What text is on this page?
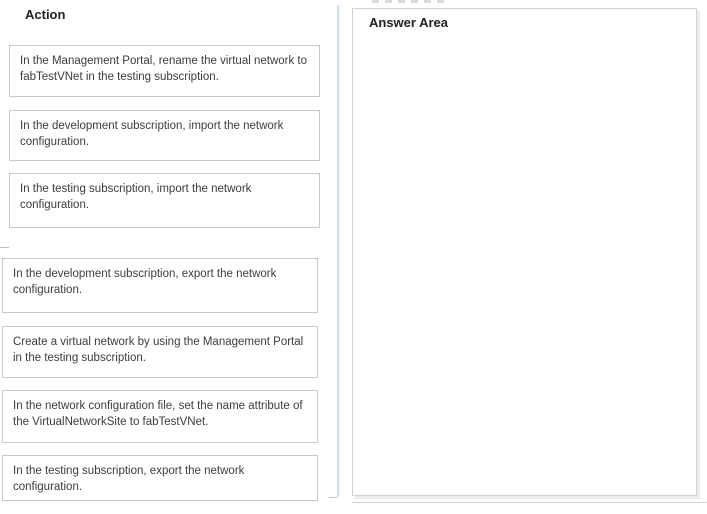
Action
In the Management Portal, rename the virtual network to fabTestVNet in the testing subscription.
In the development subscription, import the network configuration.
In the testing subscription, import the network configuration.
In the development subscription, export the network configuration.
Create a virtual network by using the Management Portal in the testing subscription.
In the network configuration file, set the name attribute of the VirtualNetworkSite to fabTestVNet.
In the testing subscription, export the network configuration.
Answer Area
